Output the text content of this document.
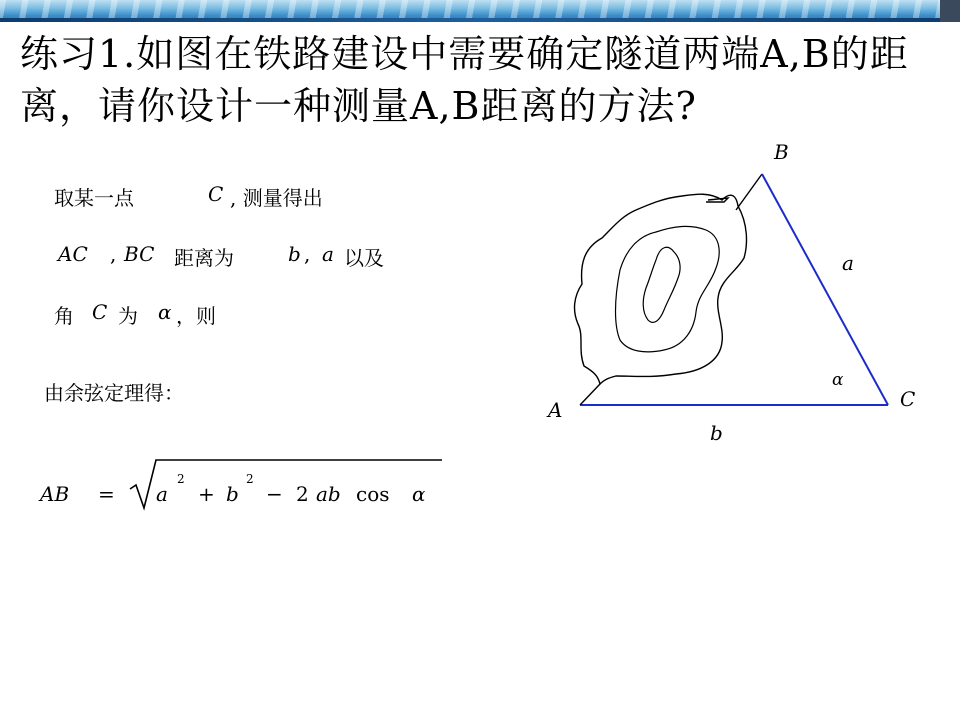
练习1.如图在铁路建设中需要确定隧道两端A,B的距离，请你设计一种测量A,B距离的方法?
取某一点	C , 测量得出
AC , BC 距离为	b , a 以及
角 C 为 α ，则
由余弦定理得：
AB = a
2
+ b
2
− 2 ab cos α
B
a
α
C
A
b
